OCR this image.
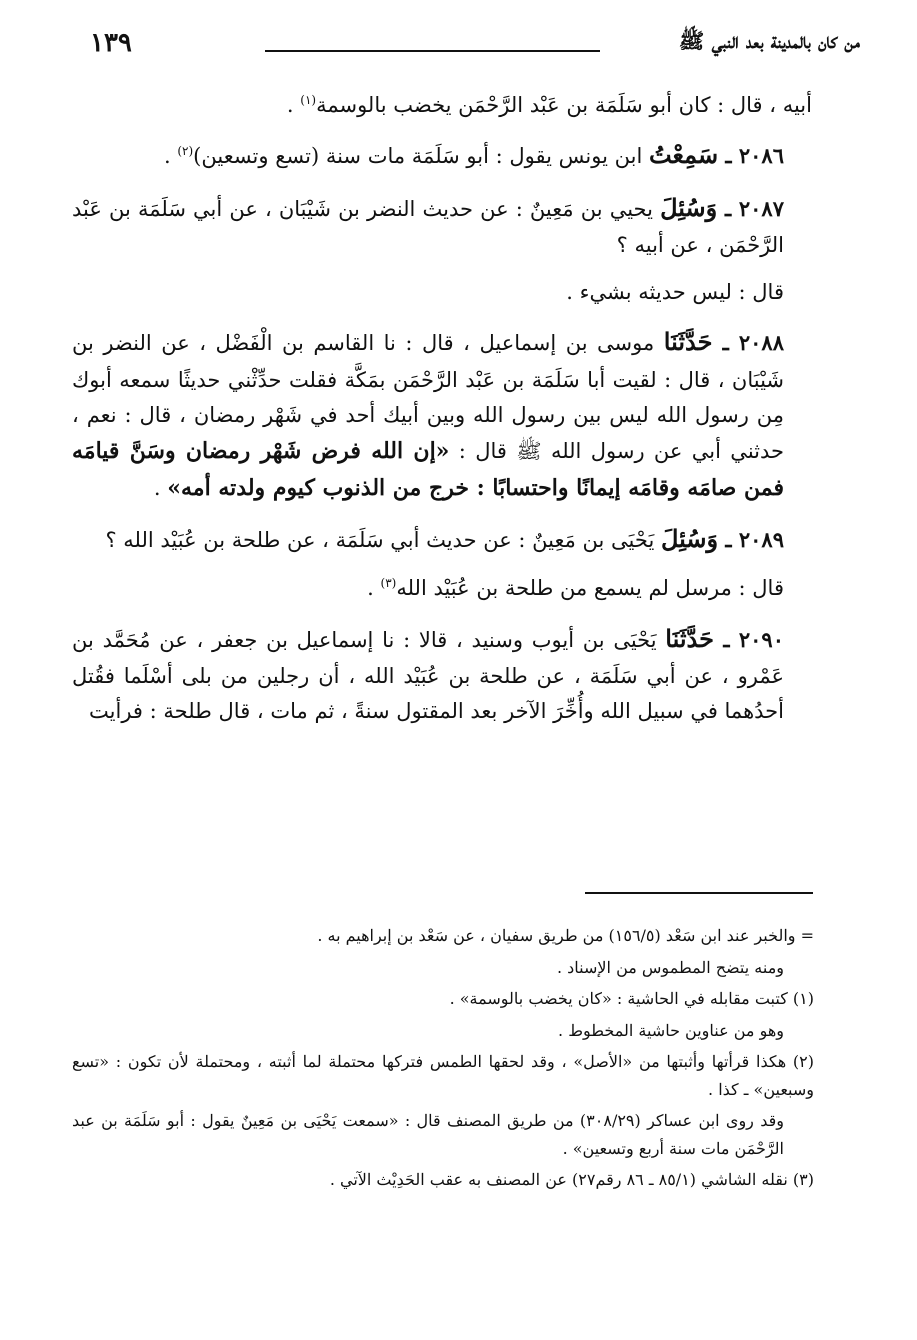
١٣٩	من كان بالمدينة بعد النبي ﷺ

أبيه ، قال : كان أبو سَلَمَة بن عَبْد الرَّحْمَن يخضب بالوسمة$^{(١)}$ .

٢٠٨٦ ـ سَمِعْتُ ابن يونس يقول : أبو سَلَمَة مات سنة (تسع وتسعين)$^{(٢)}$ .

٢٠٨٧ ـ وَسُئِلَ يحيي بن مَعِينٌ : عن حديث النضر بن شَيْبَان ، عن أبي سَلَمَة بن عَبْد الرَّحْمَن ، عن أبيه ؟

قال : ليس حديثه بشيء .

٢٠٨٨ ـ حَدَّثَنَا موسى بن إسماعيل ، قال : نا القاسم بن الْفَضْل ، عن النضر بن شَيْبَان ، قال : لقيت أبا سَلَمَة بن عَبْد الرَّحْمَن بمَكَّة فقلت حدِّثْني حديثًا سمعه أبوك مِن رسول الله ليس بين رسول الله وبين أبيك أحد في شَهْر رمضان ، قال : نعم ، حدثني أبي عن رسول الله ﷺ قال : «إن الله فرض شَهْر رمضان وسَنَّ قيامَه فمن صامَه وقامَه إيمانًا واحتسابًا : خرج من الذنوب كيوم ولدته أمه» .

٢٠٨٩ ـ وَسُئِلَ يَحْيَى بن مَعِينٌ : عن حديث أبي سَلَمَة ، عن طلحة بن عُبَيْد الله ؟

قال : مرسل لم يسمع من طلحة بن عُبَيْد الله$^{(٣)}$ .

٢٠٩٠ ـ حَدَّثَنَا يَحْيَى بن أيوب وسنيد ، قالا : نا إسماعيل بن جعفر ، عن مُحَمَّد بن عَمْرو ، عن أبي سَلَمَة ، عن طلحة بن عُبَيْد الله ، أن رجلين من بلى أسْلَما فقُتل أحدُهما في سبيل الله وأُخِّرَ الآخر بعد المقتول سنةً ، ثم مات ، قال طلحة : فرأيت

= والخبر عند ابن سَعْد (١٥٦/٥) من طريق سفيان ، عن سَعْد بن إبراهيم به .

ومنه يتضح المطموس من الإسناد .

(١) كتبت مقابله في الحاشية : «كان يخضب بالوسمة» .

وهو من عناوين حاشية المخطوط .

(٢) هكذا قرأتها وأثبتها من «الأصل» ، وقد لحقها الطمس فتركها محتملة لما أثبته ، ومحتملة لأن تكون : «تسع وسبعين» ـ كذا .

وقد روى ابن عساكر (٣٠٨/٢٩) من طريق المصنف قال : «سمعت يَحْيَى بن مَعِينٌ يقول : أبو سَلَمَة بن عبد الرَّحْمَن مات سنة أربع وتسعين» .

(٣) نقله الشاشي (٨٥/١ ـ ٨٦ رقم٢٧) عن المصنف به عقب الحَدِيْث الآتي .
